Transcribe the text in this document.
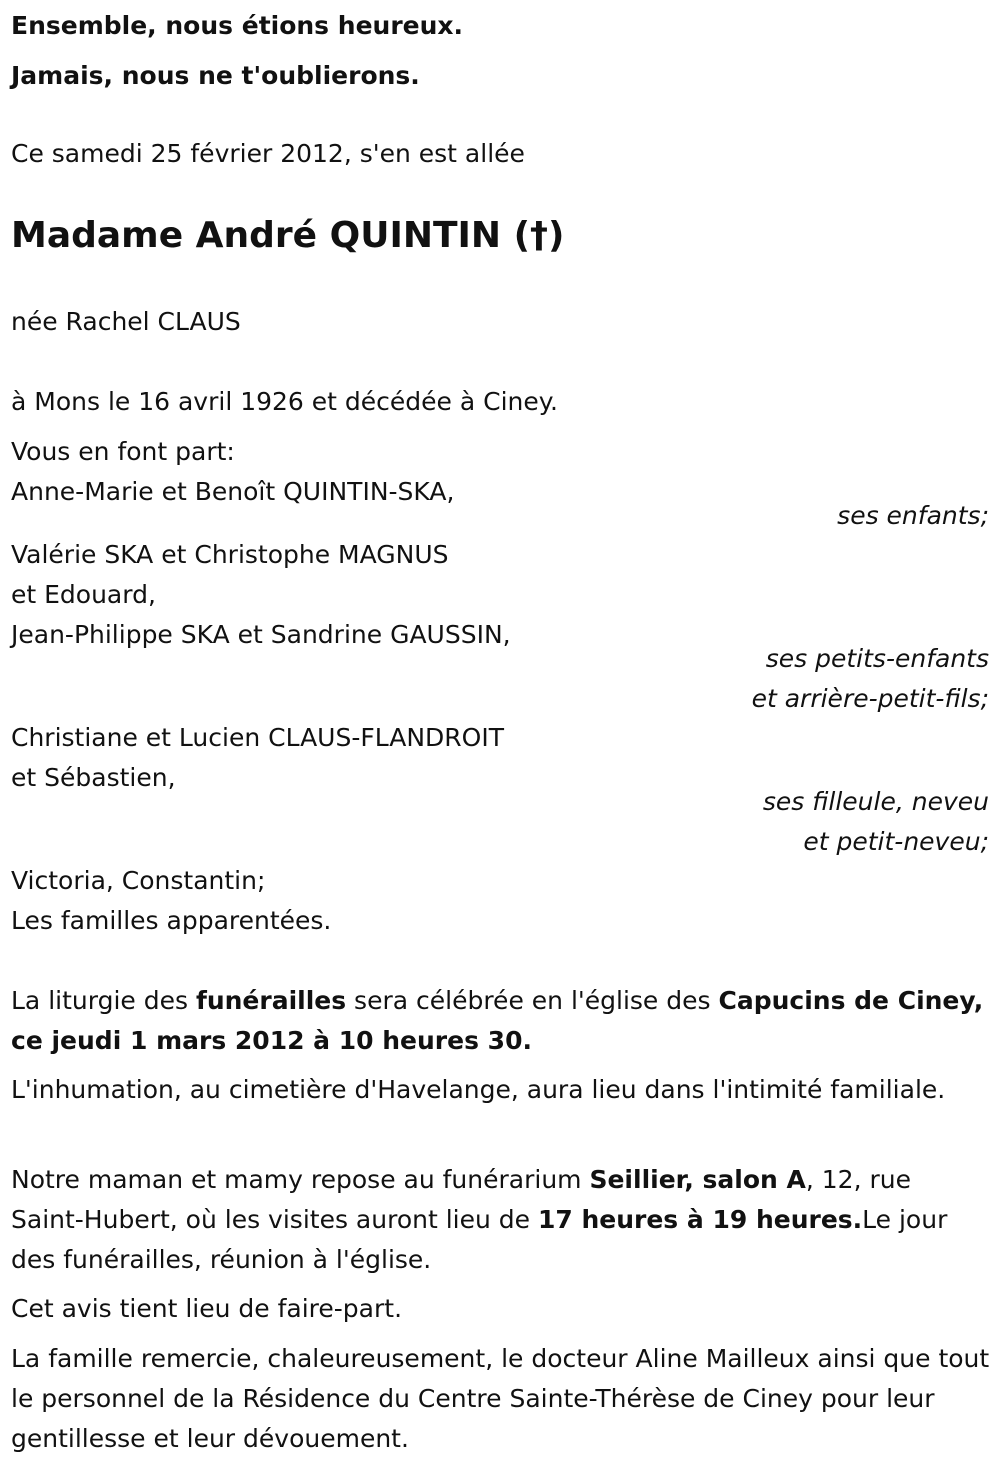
Ensemble, nous étions heureux.

Jamais, nous ne t'oublierons.

Ce samedi 25 février 2012, s'en est allée

Madame André QUINTIN (†)

née Rachel CLAUS

à Mons le 16 avril 1926 et décédée à Ciney.

Vous en font part:

Anne-Marie et Benoît QUINTIN-SKA,

ses enfants;

Valérie SKA et Christophe MAGNUS

et Edouard,

Jean-Philippe SKA et Sandrine GAUSSIN,

ses petits-enfants
et arrière-petit-fils;

Christiane et Lucien CLAUS-FLANDROIT

et Sébastien,

ses filleule, neveu
et petit-neveu;

Victoria, Constantin;

Les familles apparentées.

La liturgie des funérailles sera célébrée en l'église des Capucins de Ciney, ce jeudi 1 mars 2012 à 10 heures 30.

L'inhumation, au cimetière d'Havelange, aura lieu dans l'intimité familiale.

Notre maman et mamy repose au funérarium Seillier, salon A, 12, rue Saint-Hubert, où les visites auront lieu de 17 heures à 19 heures.Le jour des funérailles, réunion à l'église.

Cet avis tient lieu de faire-part.

La famille remercie, chaleureusement, le docteur Aline Mailleux ainsi que tout le personnel de la Résidence du Centre Sainte-Thérèse de Ciney pour leur gentillesse et leur dévouement.
